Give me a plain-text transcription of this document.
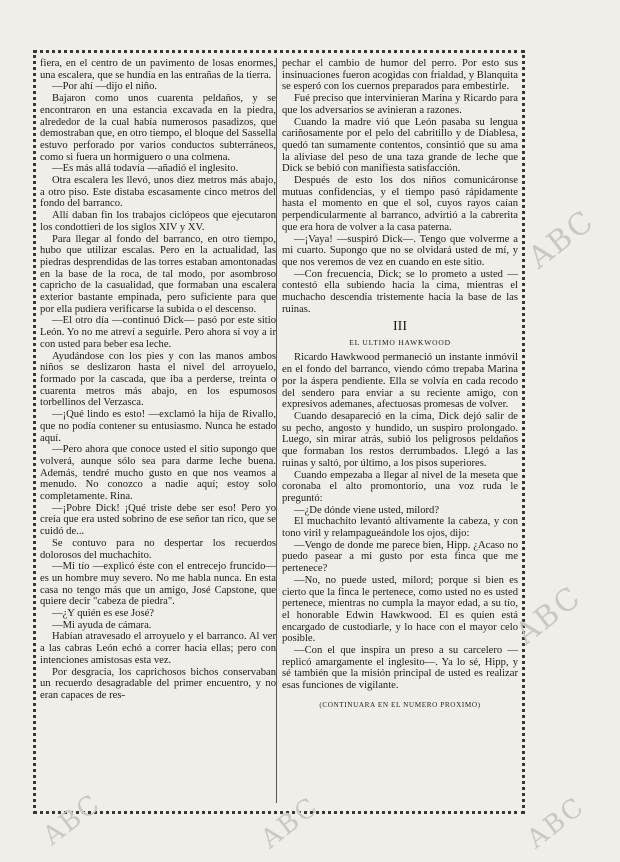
fiera, en el centro de un pavimento de losas enormes, una escalera, que se hundía en las entrañas de la tierra.

—Por ahí —dijo el niño.

Bajaron como unos cuarenta peldaños, y se encontraron en una estancia excavada en la piedra, alrededor de la cual había numerosos pasadizos, que demostraban que, en otro tiempo, el bloque del Sassella estuvo perforado por varios conductos subterráneos, como si fuera un hormiguero o una colmena.

—Es más allá todavía —añadió el inglesito.

Otra escalera les llevó, unos diez metros más abajo, a otro piso. Este distaba escasamente cinco metros del fondo del barranco.

Allí daban fin los trabajos ciclópeos que ejecutaron los condottieri de los siglos XIV y XV.

Para llegar al fondo del barranco, en otro tiempo, hubo que utilizar escalas. Pero en la actualidad, las piedras desprendidas de las torres estaban amontonadas en la base de la roca, de tal modo, por asombroso capricho de la casualidad, que formaban una escalera exterior bastante empinada, pero suficiente para que por ella pudiera verificarse la subida o el descenso.

—El otro día —continuó Dick— pasó por este sitio León. Yo no me atreví a seguirle. Pero ahora sí voy a ir con usted para beber esa leche.

Ayudándose con los pies y con las manos ambos niños se deslizaron hasta el nivel del arroyuelo, formado por la cascada, que iba a perderse, treinta o cuarenta metros más abajo, en los espumosos torbellinos del Verzasca.

—¡Qué lindo es esto! —exclamó la hija de Rivallo, que no podía contener su entusiasmo. Nunca he estado aquí.

—Pero ahora que conoce usted el sitio supongo que volverá, aunque sólo sea para darme leche buena. Además, tendré mucho gusto en que nos veamos a menudo. No conozco a nadie aquí; estoy solo completamente. Rina.

—¡Pobre Dick! ¡Qué triste debe ser eso! Pero yo creía que era usted sobrino de ese señor tan rico, que se cuidó de...

Se contuvo para no despertar los recuerdos dolorosos del muchachito.

—Mi tío —explicó éste con el entrecejo fruncido— es un hombre muy severo. No me habla nunca. En esta casa no tengo más que un amigo, José Capstone, que quiere decir "cabeza de piedra".

—¿Y quién es ese José?

—Mi ayuda de cámara.

Habían atravesado el arroyuelo y el barranco. Al ver a las cabras León echó a correr hacia ellas; pero con intenciones amistosas esta vez.

Por desgracia, los caprichosos bichos conservaban un recuerdo desagradable del primer encuentro, y no eran capaces de res-

pechar el cambio de humor del perro. Por esto sus insinuaciones fueron acogidas con frialdad, y Blanquita se esperó con los cuernos preparados para embestirle.

Fué preciso que intervinieran Marina y Ricardo para que los adversarios se avinieran a razones.

Cuando la madre vió que León pasaba su lengua cariñosamente por el pelo del cabritillo y de Diablesa, quedó tan sumamente contentos, consintió que su ama la aliviase del peso de una taza grande de leche que Dick se bebió con manifiesta satisfacción.

Después de esto los dos niños comunicáronse mutuas confidencias, y el tiempo pasó rápidamente hasta el momento en que el sol, cuyos rayos caían perpendicularmente al barranco, advirtió a la cabrerita que era hora de volver a la casa paterna.

—¡Vaya! —suspiró Dick—. Tengo que volverme a mi cuarto. Supongo que no se olvidará usted de mí, y que nos veremos de vez en cuando en este sitio.

—Con frecuencia, Dick; se lo prometo a usted —contestó ella subiendo hacia la cima, mientras el muchacho descendía tristemente hacia la base de las ruinas.

III
EL ULTIMO HAWKWOOD

Ricardo Hawkwood permaneció un instante inmóvil en el fondo del barranco, viendo cómo trepaba Marina por la áspera pendiente. Ella se volvía en cada recodo del sendero para enviar a su reciente amigo, con expresivos ademanes, afectuosas promesas de volver.

Cuando desapareció en la cima, Dick dejó salir de su pecho, angosto y hundido, un suspiro prolongado. Luego, sin mirar atrás, subió los peligrosos peldaños que formaban los restos derrumbados. Llegó a las ruinas y saltó, por último, a los pisos superiores.

Cuando empezaba a llegar al nivel de la meseta que coronaba el alto promontorio, una voz ruda le preguntó:

—¿De dónde viene usted, milord?

El muchachito levantó altivamente la cabeza, y con tono viril y relampagueándole los ojos, dijo:

—Vengo de donde me parece bien, Hipp. ¿Acaso no puedo pasear a mi gusto por esta finca que me pertenece?

—No, no puede usted, milord; porque si bien es cierto que la finca le pertenece, como usted no es usted pertenece, mientras no cumpla la mayor edad, a su tío, el honorable Edwin Hawkwood. El es quien está encargado de custodiarle, y lo hace con el mayor celo posible.

—Con el que inspira un preso a su carcelero —replicó amargamente el inglesito—. Ya lo sé, Hipp, y sé también que la misión principal de usted es realizar esas funciones de vigilante.

(CONTINUARA EN EL NUMERO PROXIMO)
ABC
ABC
ABC	ABC	ABC
